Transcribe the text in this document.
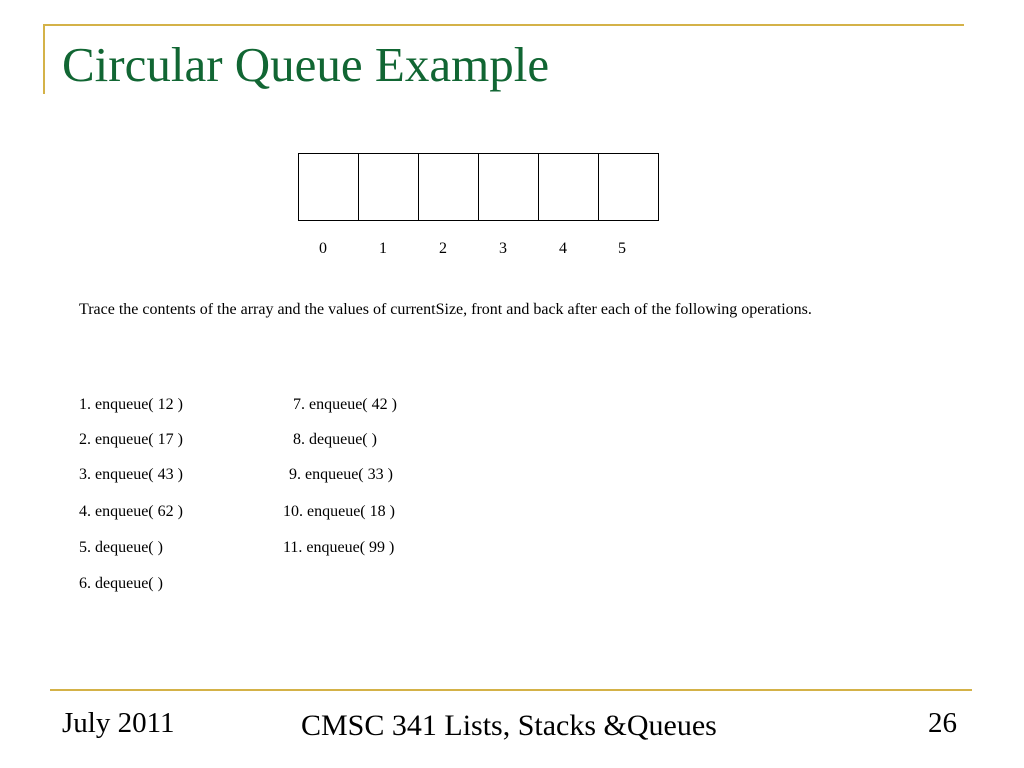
Circular Queue Example
0	1	2	3	4	5
Trace the contents of the array and the values of currentSize, front and back after each of the following operations.
1. enqueue( 12 )
2. enqueue( 17 )
3. enqueue( 43 )
4. enqueue( 62 )
5. dequeue( )
6. dequeue( )
7. enqueue( 42 )
8. dequeue( )
9. enqueue( 33 )
10. enqueue( 18 )
11. enqueue( 99 )
July 2011	CMSC 341 Lists, Stacks &Queues	26
